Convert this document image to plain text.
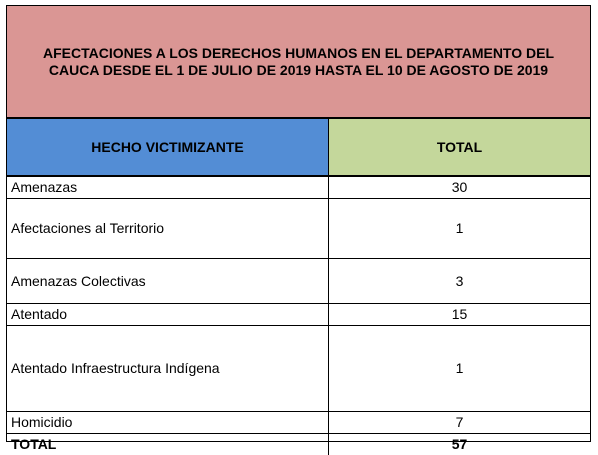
AFECTACIONES A LOS DERECHOS HUMANOS EN EL DEPARTAMENTO DEL CAUCA DESDE EL 1 DE JULIO DE 2019 HASTA EL 10 DE AGOSTO DE 2019
HECHO VICTIMIZANTE	TOTAL
Amenazas	30
Afectaciones al Territorio	1
Amenazas Colectivas	3
Atentado	15
Atentado Infraestructura Indígena	1
Homicidio	7
TOTAL	57
